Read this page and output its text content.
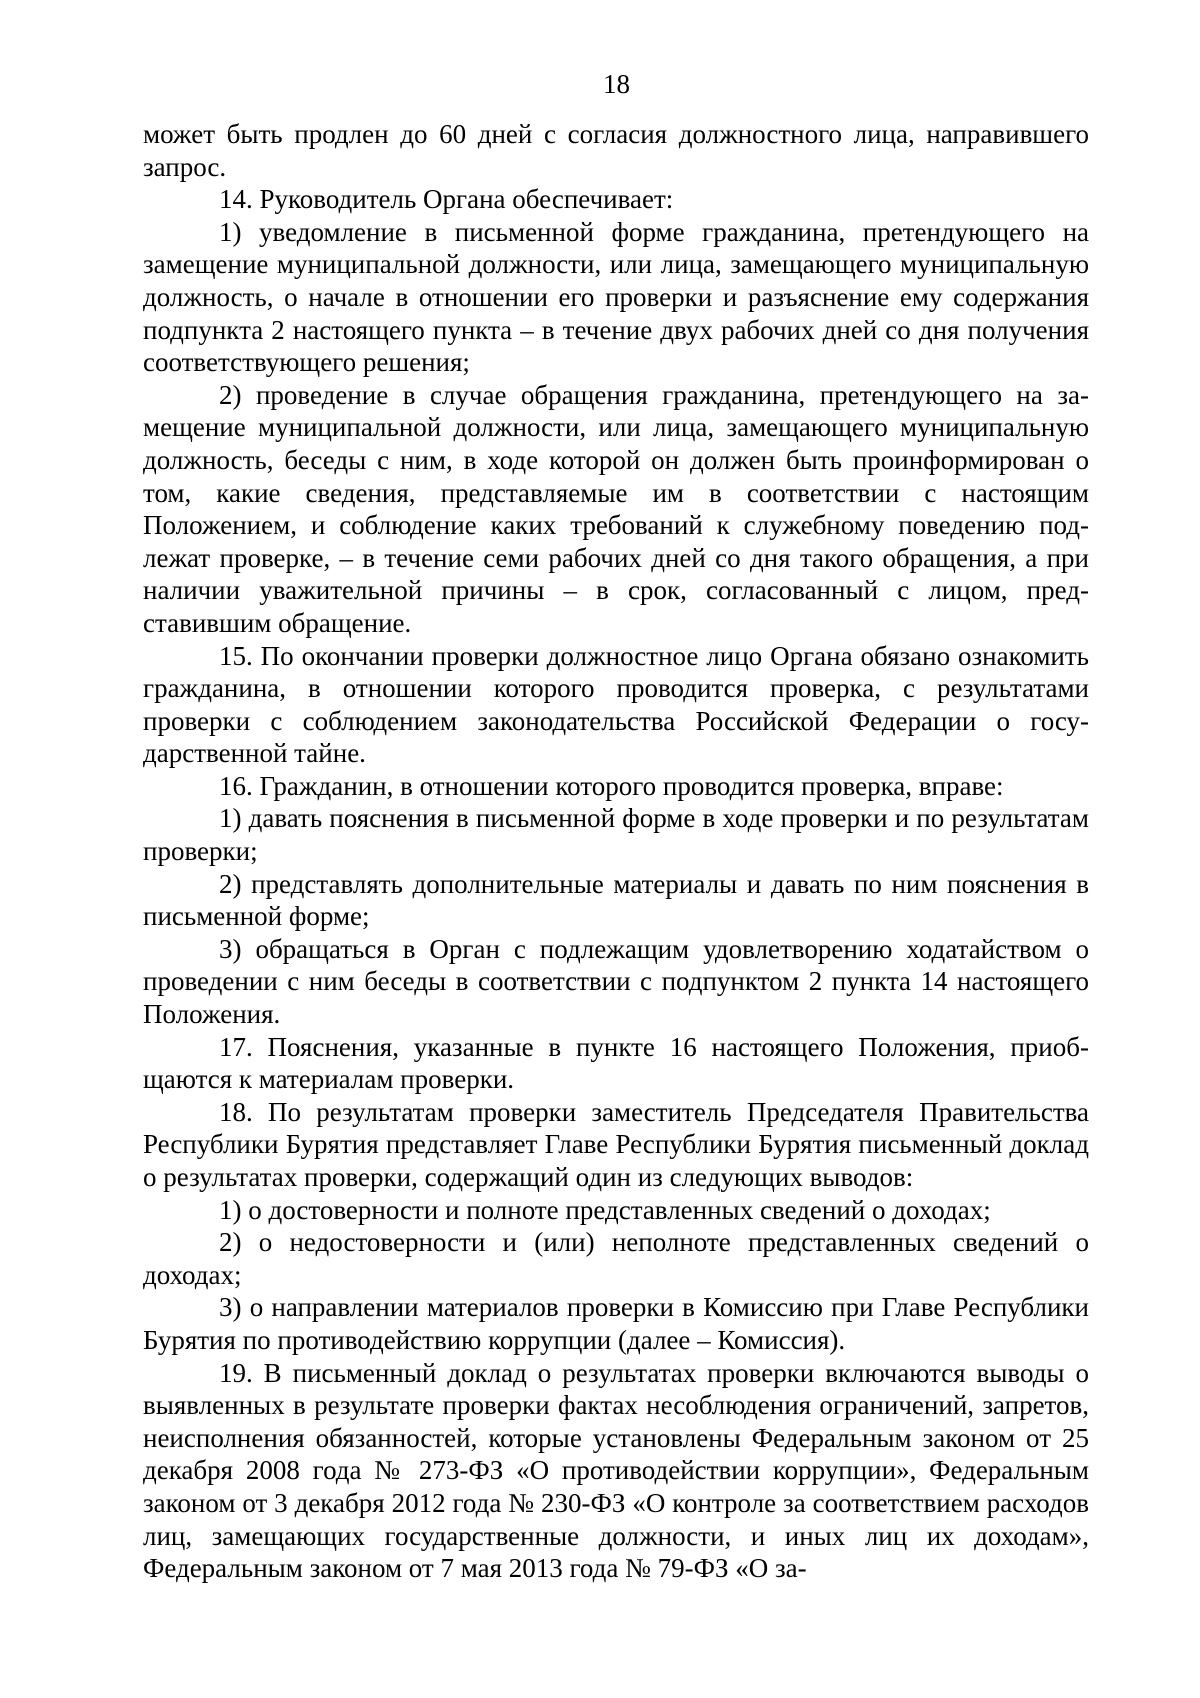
18

может быть продлен до 60 дней с согласия должностного лица, направившего запрос.

14. Руководитель Органа обеспечивает:

1) уведомление в письменной форме гражданина, претендующего на замещение муниципальной должности, или лица, замещающего муниципальную должность, о начале в отношении его проверки и разъяснение ему содержания подпункта 2 настоящего пункта – в течение двух рабочих дней со дня получения соответствующего решения;

2) проведение в случае обращения гражданина, претендующего на замещение муниципальной должности, или лица, замещающего муниципальную должность, беседы с ним, в ходе которой он должен быть проинформирован о том, какие сведения, представляемые им в соответствии с настоящим Положением, и соблюдение каких требований к служебному поведению подлежат проверке, – в течение семи рабочих дней со дня такого обращения, а при наличии уважительной причины – в срок, согласованный с лицом, представившим обращение.

15. По окончании проверки должностное лицо Органа обязано ознакомить гражданина, в отношении которого проводится проверка, с результатами проверки с соблюдением законодательства Российской Федерации о государственной тайне.

16. Гражданин, в отношении которого проводится проверка, вправе:

1) давать пояснения в письменной форме в ходе проверки и по результатам проверки;

2) представлять дополнительные материалы и давать по ним пояснения в письменной форме;

3) обращаться в Орган с подлежащим удовлетворению ходатайством о проведении с ним беседы в соответствии с подпунктом 2 пункта 14 настоящего Положения.

17. Пояснения, указанные в пункте 16 настоящего Положения, приобщаются к материалам проверки.

18. По результатам проверки заместитель Председателя Правительства Республики Бурятия представляет Главе Республики Бурятия письменный доклад о результатах проверки, содержащий один из следующих выводов:

1) о достоверности и полноте представленных сведений о доходах;

2) о недостоверности и (или) неполноте представленных сведений о доходах;

3) о направлении материалов проверки в Комиссию при Главе Республики Бурятия по противодействию коррупции (далее – Комиссия).

19. В письменный доклад о результатах проверки включаются выводы о выявленных в результате проверки фактах несоблюдения ограничений, запретов, неисполнения обязанностей, которые установлены Федеральным законом от 25 декабря 2008 года № 273-ФЗ «О противодействии коррупции», Федеральным законом от 3 декабря 2012 года № 230-ФЗ «О контроле за соответствием расходов лиц, замещающих государственные должности, и иных лиц их доходам», Федеральным законом от 7 мая 2013 года № 79-ФЗ «О за-
